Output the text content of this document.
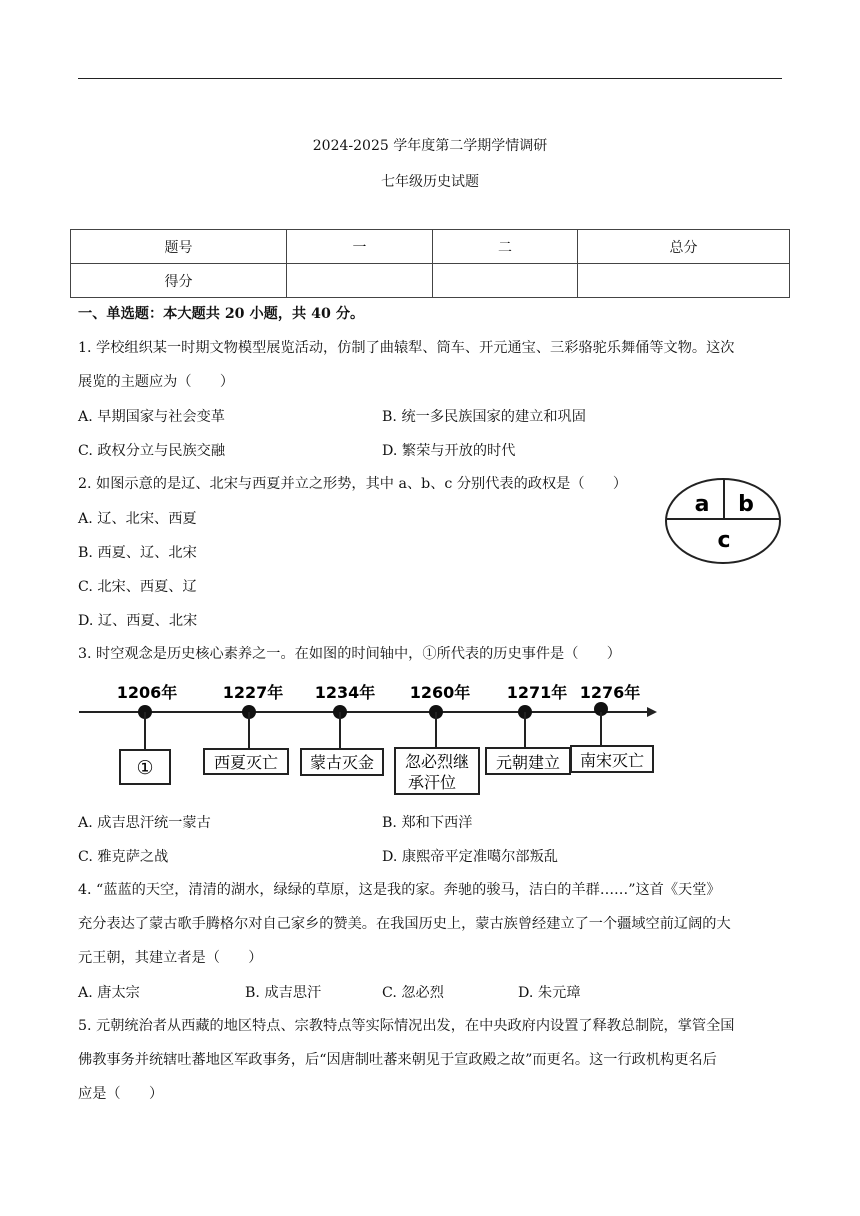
2024-2025 学年度第二学期学情调研
七年级历史试题
题号	一	二	总分
得分			
一、单选题：本大题共 20 小题，共 40 分。
1. 学校组织某一时期文物模型展览活动，仿制了曲辕犁、筒车、开元通宝、三彩骆驼乐舞俑等文物。这次
展览的主题应为（　　）
A. 早期国家与社会变革	B. 统一多民族国家的建立和巩固
C. 政权分立与民族交融	D. 繁荣与开放的时代
2. 如图示意的是辽、北宋与西夏并立之形势，其中 a、b、c 分别代表的政权是（　　）
A. 辽、北宋、西夏
B. 西夏、辽、北宋
C. 北宋、西夏、辽
D. 辽、西夏、北宋
a b
c
3. 时空观念是历史核心素养之一。在如图的时间轴中，①所代表的历史事件是（　　）
1206年
①
1227年
西夏灭亡
1234年
蒙古灭金
1260年
忽必烈继
承汗位
1271年
元朝建立
1276年
南宋灭亡
A. 成吉思汗统一蒙古	B. 郑和下西洋
C. 雅克萨之战	D. 康熙帝平定准噶尔部叛乱
4. “蓝蓝的天空，清清的湖水，绿绿的草原，这是我的家。奔驰的骏马，洁白的羊群……”这首《天堂》
充分表达了蒙古歌手腾格尔对自己家乡的赞美。在我国历史上，蒙古族曾经建立了一个疆域空前辽阔的大
元王朝，其建立者是（　　）
A. 唐太宗	B. 成吉思汗	C. 忽必烈	D. 朱元璋
5. 元朝统治者从西藏的地区特点、宗教特点等实际情况出发，在中央政府内设置了释教总制院，掌管全国
佛教事务并统辖吐蕃地区军政事务，后“因唐制吐蕃来朝见于宣政殿之故”而更名。这一行政机构更名后
应是（　　）
